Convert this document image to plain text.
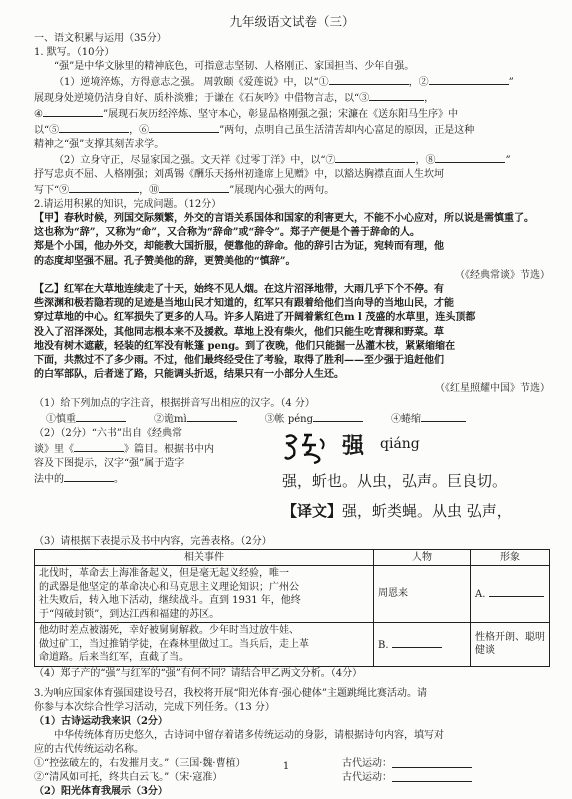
九年级语文试卷（三）

一、语文积累与运用（35分）

1. 默写。（10分）

“强”是中华文脉里的精神底色，可指意志坚韧、人格刚正、家国担当、少年自强。

（1）逆境淬炼，方得意志之强。 周敦颐《爱莲说》中，以“①	，②	”

展现身处逆境仍洁身自好、质朴淡雅；于谦在《石灰吟》中借物言志，以“③	，

④	”展现石灰历经淬炼、坚守本心，彰显品格刚强之强；宋濂在《送东阳马生序》中

以“⑤	，⑥	”两句，点明自己虽生活清苦却内心富足的原因，正是这种

精神之“强”支撑其刻苦求学。

（2）立身守正，尽显家国之强。文天祥《过零丁洋》中，以“⑦	，⑧	”

抒写忠贞不屈、人格刚强；刘禹锡《酬乐天扬州初逢席上见赠》中，以豁达胸襟直面人生坎坷

写下“⑨	，⑩	”展现内心强大的两句。

2.请运用积累的知识，完成问题。（12分）

【甲】春秋时候，列国交际频繁，外交的言语关系国体和国家的利害更大，不能不小心应对，所以说是需慎重了。

这也称为“辞”，又称为“命”，又合称为“辞命”或“辞令”。郑子产便是个善于辞命的人。

郑是个小国，他办外交，却能教大国折服，便靠他的辞命。他的辞引古为证，宛转而有理，他

的态度却坚强不屈。孔子赞美他的辞，更赞美他的“慎辞”。

（《经典常谈》节选）

【乙】红军在大草地连续走了十天，始终不见人烟。在这片沼泽地带，大雨几乎下个不停。有

些深渊和极若隐若现的足迹是当地山民才知道的，红军只有跟着给他们当向导的当地山民，才能

穿过草地的中心。红军损失了更多的人马。许多人陷进了开阔着紫红色m l 茂盛的水草里，连头顶都

没入了沼泽深处，其他同志根本来不及援救。草地上没有柴火，他们只能生吃青稞和野菜。草

地没有树木遮蔽，轻装的红军没有帐篷 peng。到了夜晚，他们只能掘一丛灌木枝，紧紧缩缩在

下面，共熬过不了多少雨。不过，他们最终经受住了考验，取得了胜利——至少强于追赶他们

的白军部队，后者迷了路，只能调头折返，结果只有一小部分人生还。

（《红星照耀中国》节选）

（1）给下列加点的字注音，根据拼音写出相应的汉字。（4 分）

①慎重	②诡mì	③帐 péng	④蜷缩

（2）（2分）“六书”出自《经典常

谈》里《	》篇目。根据书中内

容及下图提示，汉字“强”属于造字

法中的	。

强 qiáng

强，蚚也。从虫，弘声。巨良切。

【译文】强，蚚类蝇。从虫 弘声，

（3）请根据下表提示及书中内容，完善表格。（2分）

相关事件	人物	形象
北伐时，革命去上海准备起义，但是毫无起义经验，唯一
的武器是他坚定的革命决心和马克思主义理论知识；广州公
社失败后，转入地下活动，继续战斗。直到 1931 年，他终
于“闯破封锁”，到达江西和福建的苏区。	周恩来	A.
他幼时差点被溺死，幸好被舅舅解救。少年时当过放牛娃、
做过矿工，当过推销学徒，在森林里做过工。当兵后，走上革
命道路。后来当红军，直截了当。	B.	性格开朗、聪明健谈

（4）郑子产的“强”与红军的“强”有何不同？请结合甲乙两文分析。（4分）

3.为响应国家体育强国建设号召，我校将开展“阳光体育·强心健体”主题跳绳比赛活动。请

你参与本次综合性学习活动，完成下列任务。（13 分）

（1）古诗运动我来识（2分）

中华传统体育历史悠久，古诗词中留存着诸多传统运动的身影，请根据诗句内容，填写对

应的古代传统运动名称。

①“控弦破左的，右发摧月支。”（三国·魏·曹植）	古代运动：
②“清风如可托，终共白云飞。”（宋·寇准）	古代运动：

（2）阳光体育我展示（3分）

1
